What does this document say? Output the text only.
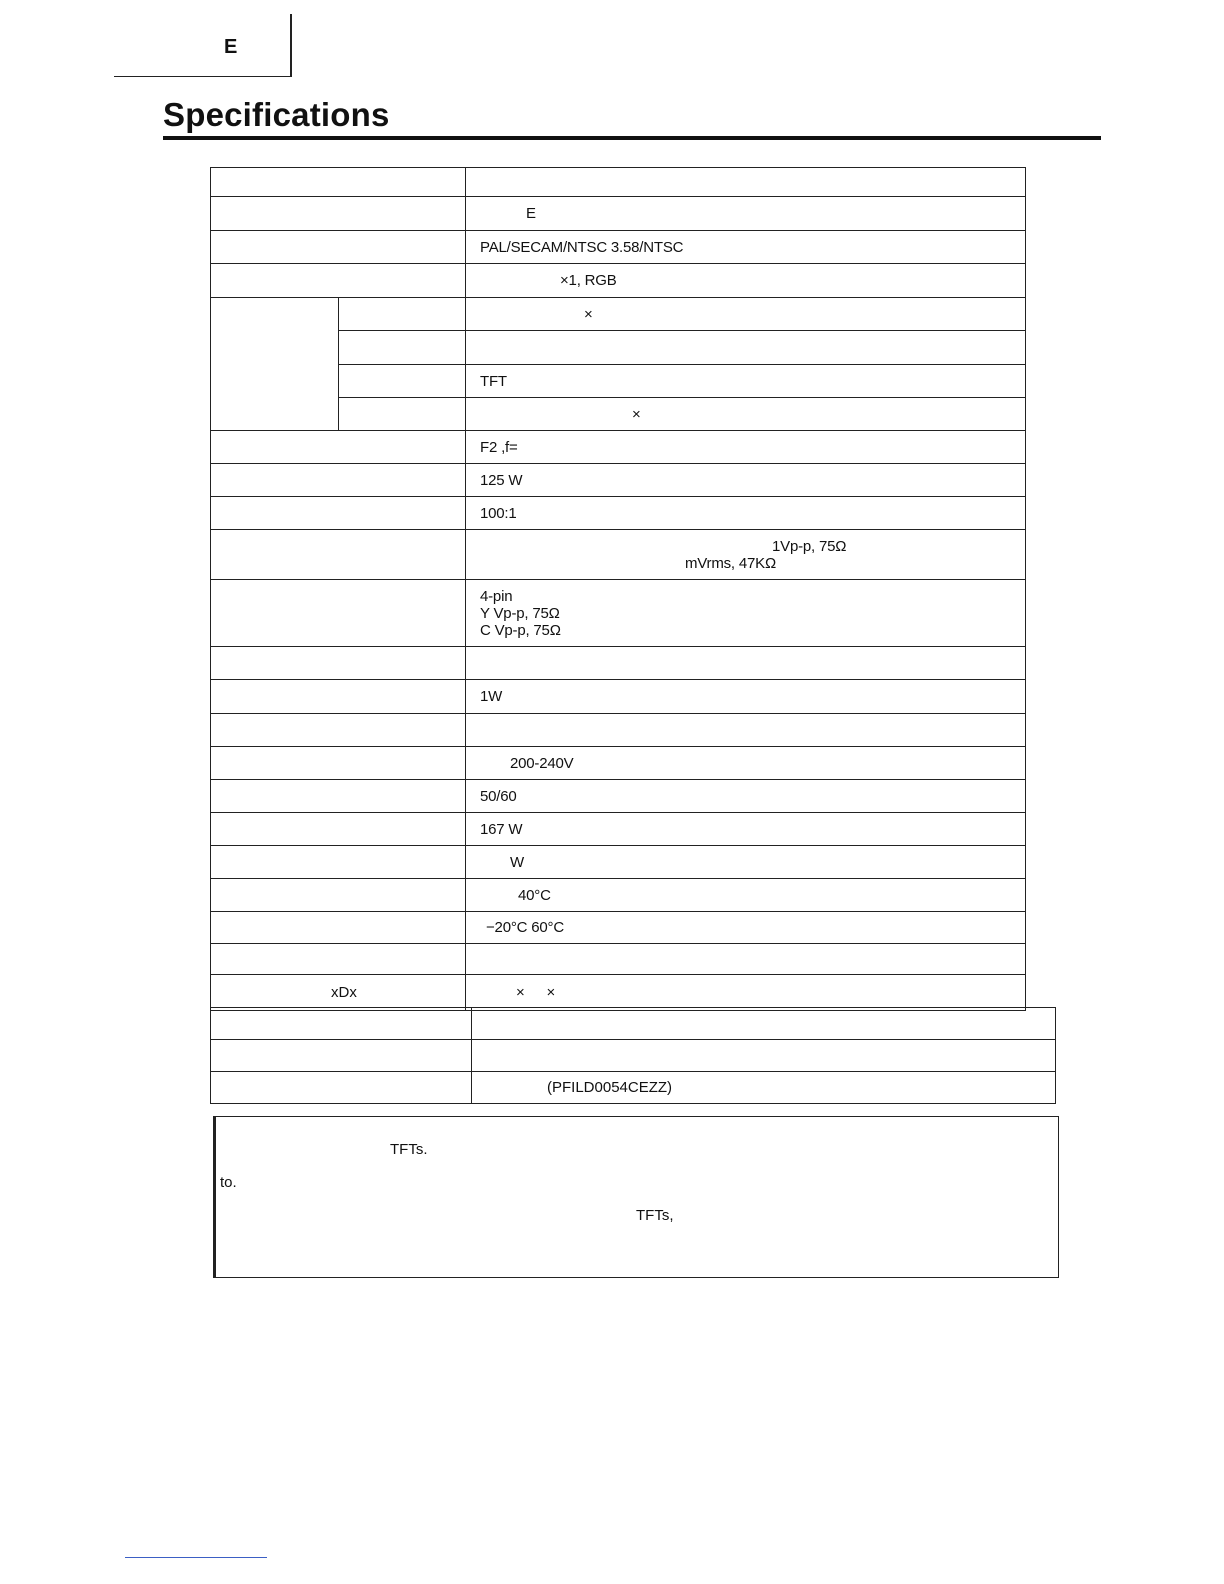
E
Specifications

		E
		PAL/SECAM/NTSC 3.58/NTSC
		×1, RGB
		×

		TFT
		×
		F2 ,f=
		125 W
		100:1

		1Vp-p, 75Ω
mVrms, 47KΩ

		4-pin
Y Vp-p, 75Ω
C Vp-p, 75Ω

		1W

		200-240V
		50/60
		167 W
		W
		40°C
		−20°C 60°C

xDx		× ×

	(PFILD0054CEZZ)
TFTs.
to.
TFTs,
